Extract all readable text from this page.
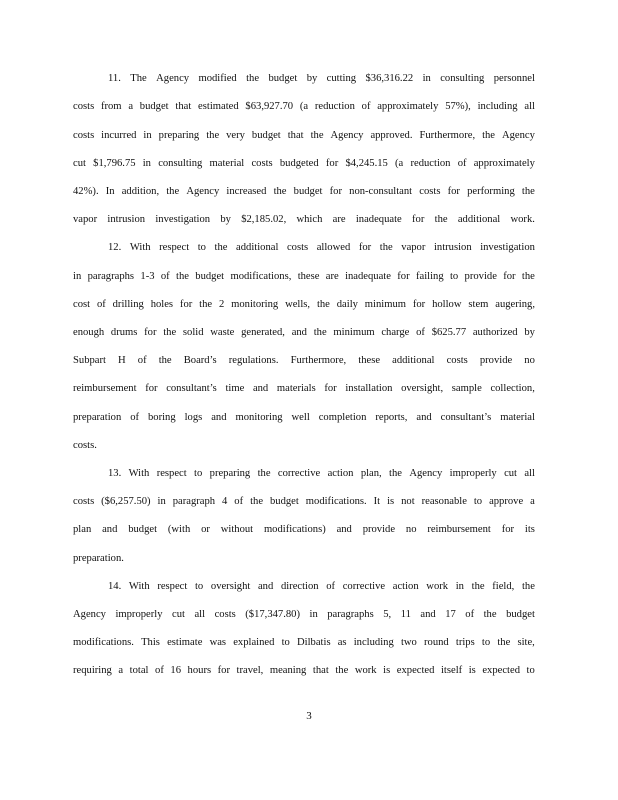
11. The Agency modified the budget by cutting $36,316.22 in consulting personnel
costs from a budget that estimated $63,927.70 (a reduction of approximately 57%), including all
costs incurred in preparing the very budget that the Agency approved. Furthermore, the Agency
cut $1,796.75 in consulting material costs budgeted for $4,245.15 (a reduction of approximately
42%). In addition, the Agency increased the budget for non-consultant costs for performing the
vapor intrusion investigation by $2,185.02, which are inadequate for the additional work.
12. With respect to the additional costs allowed for the vapor intrusion investigation
in paragraphs 1-3 of the budget modifications, these are inadequate for failing to provide for the
cost of drilling holes for the 2 monitoring wells, the daily minimum for hollow stem augering,
enough drums for the solid waste generated, and the minimum charge of $625.77 authorized by
Subpart H of the Board’s regulations. Furthermore, these additional costs provide no
reimbursement for consultant’s time and materials for installation oversight, sample collection,
preparation of boring logs and monitoring well completion reports, and consultant’s material
costs.
13. With respect to preparing the corrective action plan, the Agency improperly cut all
costs ($6,257.50) in paragraph 4 of the budget modifications. It is not reasonable to approve a
plan and budget (with or without modifications) and provide no reimbursement for its
preparation.
14. With respect to oversight and direction of corrective action work in the field, the
Agency improperly cut all costs ($17,347.80) in paragraphs 5, 11 and 17 of the budget
modifications. This estimate was explained to Dilbatis as including two round trips to the site,
requiring a total of 16 hours for travel, meaning that the work is expected itself is expected to
3
